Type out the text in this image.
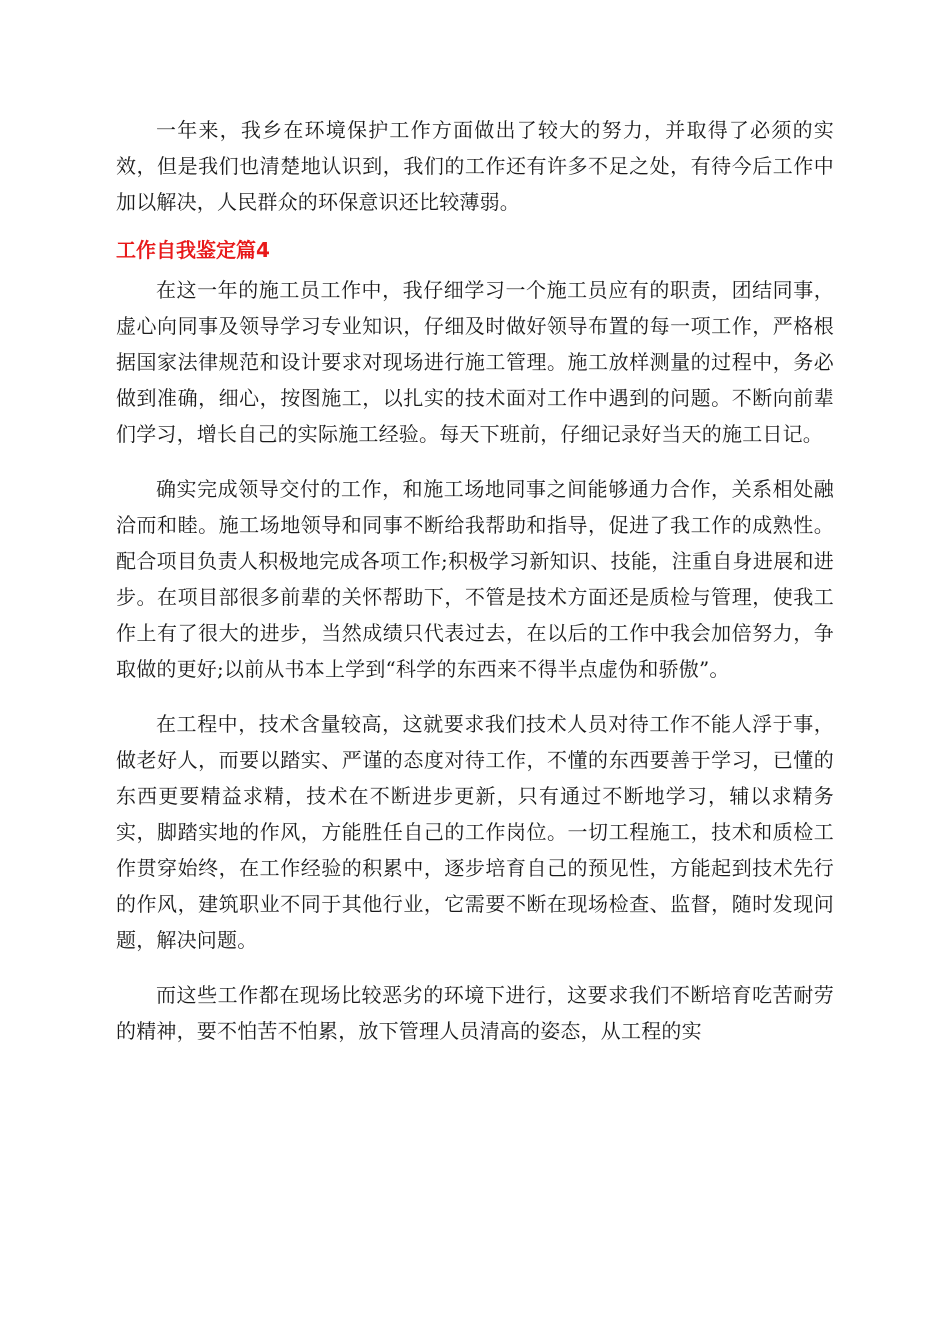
一年来，我乡在环境保护工作方面做出了较大的努力，并取得了必须的实效，但是我们也清楚地认识到，我们的工作还有许多不足之处，有待今后工作中加以解决，人民群众的环保意识还比较薄弱。

工作自我鉴定篇4

在这一年的施工员工作中，我仔细学习一个施工员应有的职责，团结同事，虚心向同事及领导学习专业知识，仔细及时做好领导布置的每一项工作，严格根据国家法律规范和设计要求对现场进行施工管理。施工放样测量的过程中，务必做到准确，细心，按图施工，以扎实的技术面对工作中遇到的问题。不断向前辈们学习，增长自己的实际施工经验。每天下班前，仔细记录好当天的施工日记。

确实完成领导交付的工作，和施工场地同事之间能够通力合作，关系相处融洽而和睦。施工场地领导和同事不断给我帮助和指导，促进了我工作的成熟性。配合项目负责人积极地完成各项工作;积极学习新知识、技能，注重自身进展和进步。在项目部很多前辈的关怀帮助下，不管是技术方面还是质检与管理，使我工作上有了很大的进步，当然成绩只代表过去，在以后的工作中我会加倍努力，争取做的更好;以前从书本上学到“科学的东西来不得半点虚伪和骄傲”。

在工程中，技术含量较高，这就要求我们技术人员对待工作不能人浮于事，做老好人，而要以踏实、严谨的态度对待工作，不懂的东西要善于学习，已懂的东西更要精益求精，技术在不断进步更新，只有通过不断地学习，辅以求精务实，脚踏实地的作风，方能胜任自己的工作岗位。一切工程施工，技术和质检工作贯穿始终，在工作经验的积累中，逐步培育自己的预见性，方能起到技术先行的作风，建筑职业不同于其他行业，它需要不断在现场检查、监督，随时发现问题，解决问题。

而这些工作都在现场比较恶劣的环境下进行，这要求我们不断培育吃苦耐劳的精神，要不怕苦不怕累，放下管理人员清高的姿态，从工程的实
